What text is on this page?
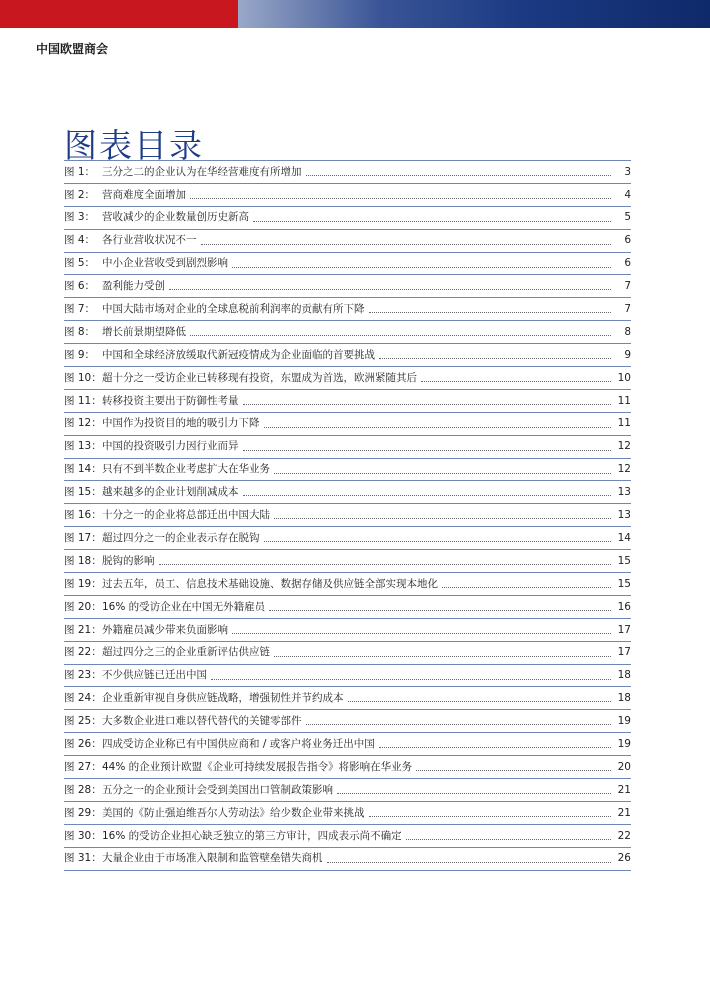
中国欧盟商会
图表目录
图 1： 三分之二的企业认为在华经营难度有所增加	3
图 2： 营商难度全面增加	4
图 3： 营收减少的企业数量创历史新高	5
图 4： 各行业营收状况不一	6
图 5： 中小企业营收受到剧烈影响	6
图 6： 盈利能力受创	7
图 7： 中国大陆市场对企业的全球息税前利润率的贡献有所下降	7
图 8： 增长前景期望降低	8
图 9： 中国和全球经济放缓取代新冠疫情成为企业面临的首要挑战	9
图 10： 超十分之一受访企业已转移现有投资，东盟成为首选，欧洲紧随其后	10
图 11： 转移投资主要出于防御性考量	11
图 12： 中国作为投资目的地的吸引力下降	11
图 13： 中国的投资吸引力因行业而异	12
图 14： 只有不到半数企业考虑扩大在华业务	12
图 15： 越来越多的企业计划削减成本	13
图 16： 十分之一的企业将总部迁出中国大陆	13
图 17： 超过四分之一的企业表示存在脱钩	14
图 18： 脱钩的影响	15
图 19： 过去五年，员工、信息技术基础设施、数据存储及供应链全部实现本地化	15
图 20： 16% 的受访企业在中国无外籍雇员	16
图 21： 外籍雇员减少带来负面影响	17
图 22： 超过四分之三的企业重新评估供应链	17
图 23： 不少供应链已迁出中国	18
图 24： 企业重新审视自身供应链战略，增强韧性并节约成本	18
图 25： 大多数企业进口难以替代替代的关键零部件	19
图 26： 四成受访企业称已有中国供应商和 / 或客户将业务迁出中国	19
图 27： 44% 的企业预计欧盟《企业可持续发展报告指令》将影响在华业务	20
图 28： 五分之一的企业预计会受到美国出口管制政策影响	21
图 29： 美国的《防止强迫维吾尔人劳动法》给少数企业带来挑战	21
图 30： 16% 的受访企业担心缺乏独立的第三方审计，四成表示尚不确定	22
图 31： 大量企业由于市场准入限制和监管壁垒错失商机	26
